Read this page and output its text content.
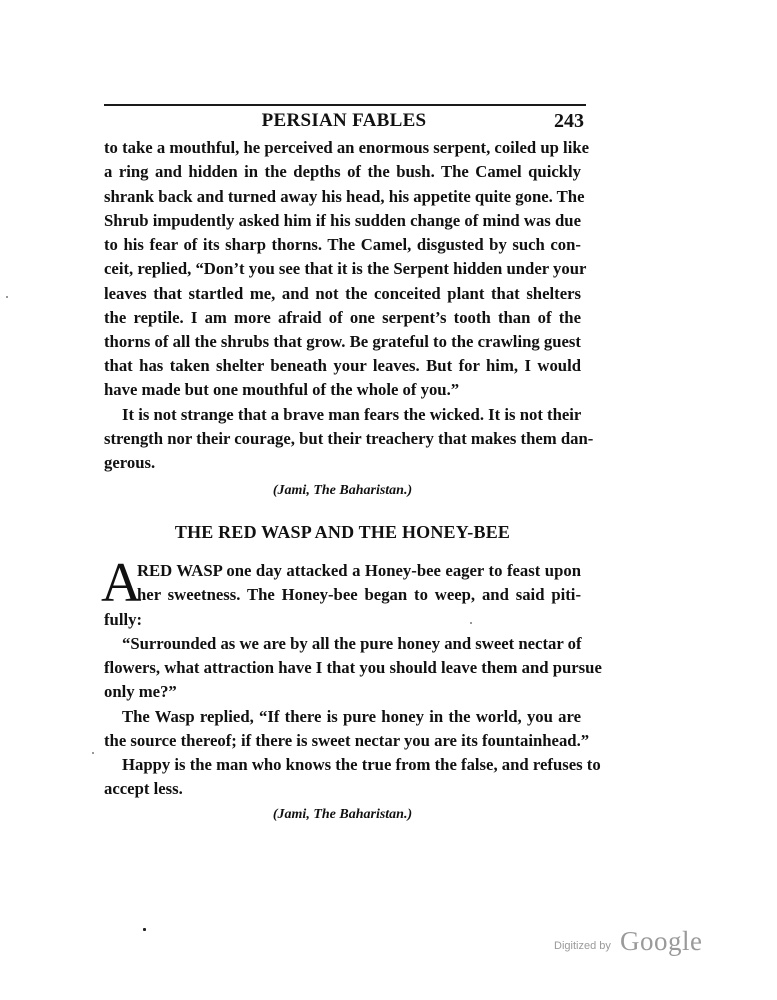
PERSIAN FABLES	243
to take a mouthful, he perceived an enormous serpent, coiled up like
a ring and hidden in the depths of the bush. The Camel quickly
shrank back and turned away his head, his appetite quite gone. The
Shrub impudently asked him if his sudden change of mind was due
to his fear of its sharp thorns. The Camel, disgusted by such con-
ceit, replied, “Don’t you see that it is the Serpent hidden under your
leaves that startled me, and not the conceited plant that shelters
the reptile. I am more afraid of one serpent’s tooth than of the
thorns of all the shrubs that grow. Be grateful to the crawling guest
that has taken shelter beneath your leaves. But for him, I would
have made but one mouthful of the whole of you.”
It is not strange that a brave man fears the wicked. It is not their
strength nor their courage, but their treachery that makes them dan-
gerous.
(Jami, The Baharistan.)
THE RED WASP AND THE HONEY-BEE
A
RED WASP one day attacked a Honey-bee eager to feast upon
her sweetness. The Honey-bee began to weep, and said piti-
fully:
“Surrounded as we are by all the pure honey and sweet nectar of
flowers, what attraction have I that you should leave them and pursue
only me?”
The Wasp replied, “If there is pure honey in the world, you are
the source thereof; if there is sweet nectar you are its fountainhead.”
Happy is the man who knows the true from the false, and refuses to
accept less.
(Jami, The Baharistan.)
Digitized by Google
